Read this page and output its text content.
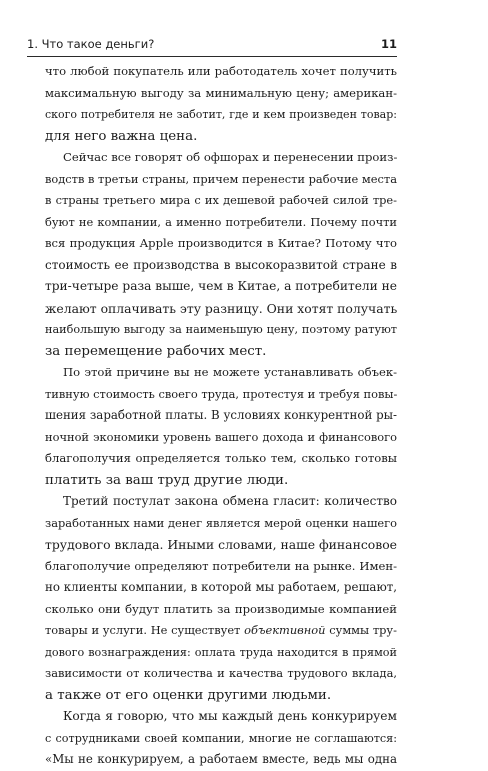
1. Что такое деньги?	11
что любой покупатель или работодатель хочет получить
максимальную выгоду за минимальную цену; американ-
ского потребителя не заботит, где и кем произведен товар:
для него важна цена.
Сейчас все говорят об офшорах и перенесении произ-
водств в третьи страны, причем перенести рабочие места
в страны третьего мира с их дешевой рабочей силой тре-
буют не компании, а именно потребители. Почему почти
вся продукция Apple производится в Китае? Потому что
стоимость ее производства в высокоразвитой стране в
три-четыре раза выше, чем в Китае, а потребители не
желают оплачивать эту разницу. Они хотят получать
наибольшую выгоду за наименьшую цену, поэтому ратуют
за перемещение рабочих мест.
По этой причине вы не можете устанавливать объек-
тивную стоимость своего труда, протестуя и требуя повы-
шения заработной платы. В условиях конкурентной ры-
ночной экономики уровень вашего дохода и финансового
благополучия определяется только тем, сколько готовы
платить за ваш труд другие люди.
Третий постулат закона обмена гласит: количество
заработанных нами денег является мерой оценки нашего
трудового вклада. Иными словами, наше финансовое
благополучие определяют потребители на рынке. Имен-
но клиенты компании, в которой мы работаем, решают,
сколько они будут платить за производимые компанией
товары и услуги. Не существует объективной суммы тру-
дового вознаграждения: оплата труда находится в прямой
зависимости от количества и качества трудового вклада,
а также от его оценки другими людьми.
Когда я говорю, что мы каждый день конкурируем
с сотрудниками своей компании, многие не соглашаются:
«Мы не конкурируем, а работаем вместе, ведь мы одна
